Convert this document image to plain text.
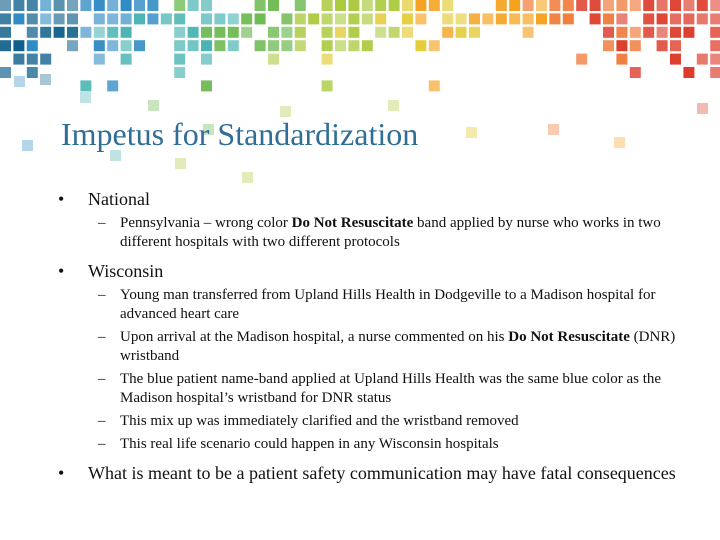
Impetus for Standardization

• National

– Pennsylvania – wrong color Do Not Resuscitate band applied by nurse who works in two different hospitals with two different protocols

• Wisconsin

– Young man transferred from Upland Hills Health in Dodgeville to a Madison hospital for advanced heart care

– Upon arrival at the Madison hospital, a nurse commented on his Do Not Resuscitate (DNR) wristband

– The blue patient name-band applied at Upland Hills Health was the same blue color as the Madison hospital’s wristband for DNR status

– This mix up was immediately clarified and the wristband removed

– This real life scenario could happen in any Wisconsin hospitals

• What is meant to be a patient safety communication may have fatal consequences
